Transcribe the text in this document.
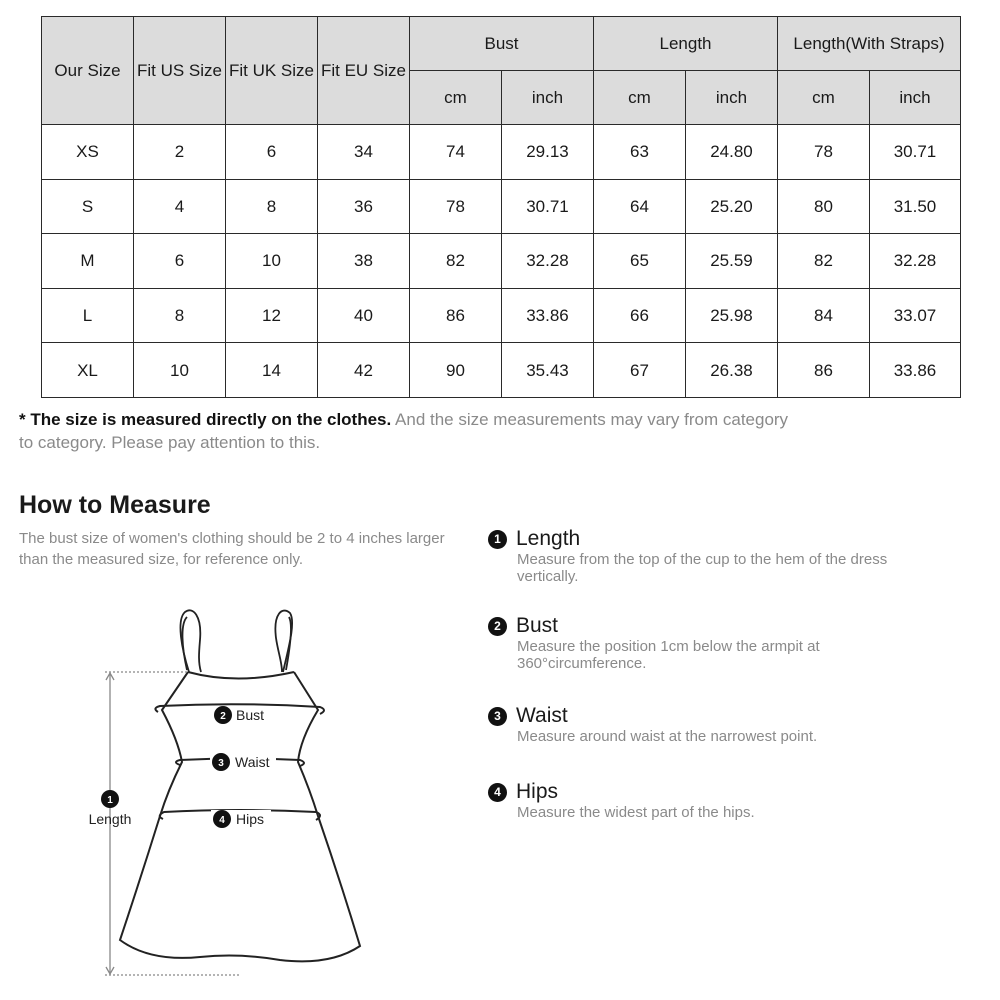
Our Size	Fit US Size	Fit UK Size	Fit EU Size	Bust		Length		Length(With Straps)	
				cm	inch	cm	inch	cm	inch
XS	2	6	34	74	29.13	63	24.80	78	30.71
S	4	8	36	78	30.71	64	25.20	80	31.50
M	6	10	38	82	32.28	65	25.59	82	32.28
L	8	12	40	86	33.86	66	25.98	84	33.07
XL	10	14	42	90	35.43	67	26.38	86	33.86
* The size is measured directly on the clothes. And the size measurements may vary from category to category. Please pay attention to this.
How to Measure
The bust size of women's clothing should be 2 to 4 inches larger than the measured size, for reference only.
1 Length
Measure from the top of the cup to the hem of the dress vertically.
2 Bust
Measure the position 1cm below the armpit at 360°circumference.
3 Waist
Measure around waist at the narrowest point.
4 Hips
Measure the widest part of the hips.
1
Length
2 Bust
3 Waist
4 Hips
